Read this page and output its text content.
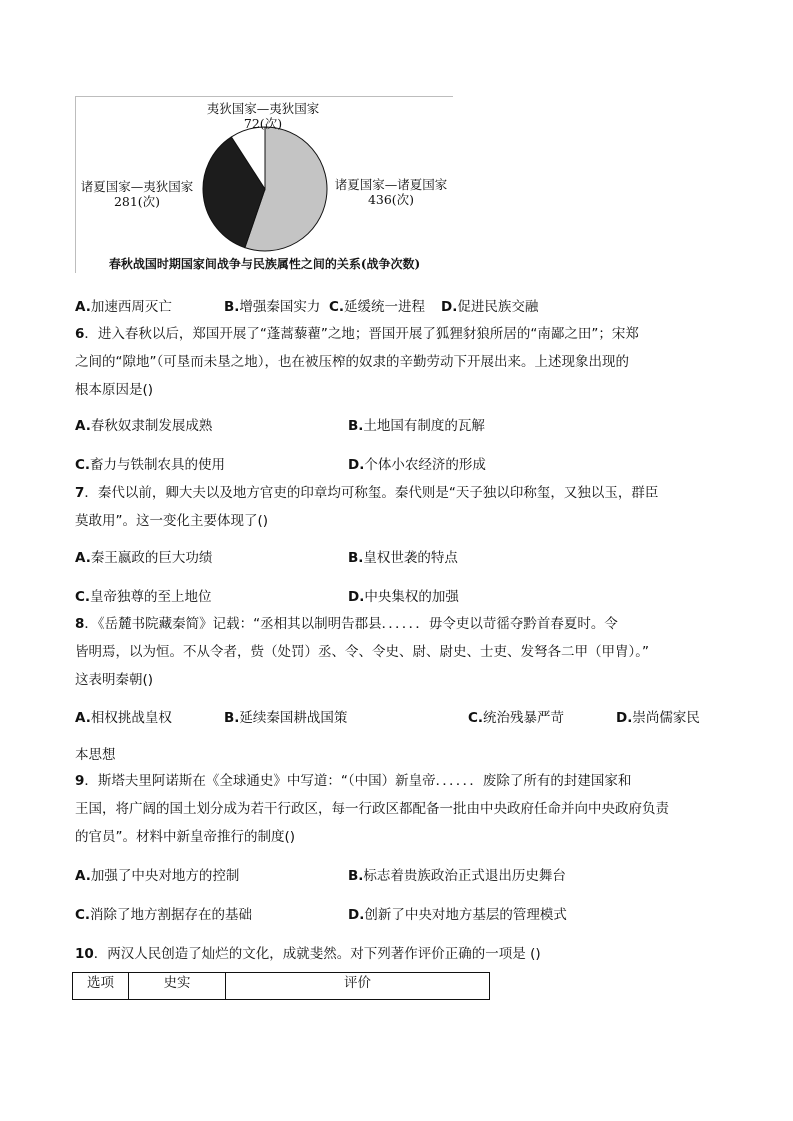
夷狄国家—夷狄国家
72(次)
诸夏国家—夷狄国家
281(次)
诸夏国家—诸夏国家
436(次)
春秋战国时期国家间战争与民族属性之间的关系(战争次数)
A.加速西周灭亡	B.增强秦国实力 C.延缓统一进程 D.促进民族交融
6．进入春秋以后，郑国开展了“蓬蒿藜藋”之地；晋国开展了狐狸豺狼所居的“南鄙之田”；宋郑
之间的“隙地”（可垦而未垦之地），也在被压榨的奴隶的辛勤劳动下开展出来。上述现象出现的
根本原因是()
A.春秋奴隶制发展成熟	B.土地国有制度的瓦解
C.畜力与铁制农具的使用	D.个体小农经济的形成
7．秦代以前，卿大夫以及地方官吏的印章均可称玺。秦代则是“天子独以印称玺，又独以玉，群臣
莫敢用”。这一变化主要体现了()
A.秦王嬴政的巨大功绩	B.皇权世袭的特点
C.皇帝独尊的至上地位	D.中央集权的加强
8．《岳麓书院藏秦简》记载：“丞相其以制明告郡县．．．．．．毋令吏以苛徭夺黔首春夏时。令
皆明焉，以为恒。不从令者，赀（处罚）丞、令、令史、尉、尉史、士吏、发弩各二甲（甲胄）。”
这表明秦朝()
A.相权挑战皇权	B.延续秦国耕战国策	C.统治残暴严苛	D.崇尚儒家民
本思想
9．斯塔夫里阿诺斯在《全球通史》中写道：“（中国）新皇帝．．．．．．废除了所有的封建国家和
王国，将广阔的国土划分成为若干行政区，每一行政区都配备一批由中央政府任命并向中央政府负责
的官员”。材料中新皇帝推行的制度()
A.加强了中央对地方的控制	B.标志着贵族政治正式退出历史舞台
C.消除了地方割据存在的基础	D.创新了中央对地方基层的管理模式
10．两汉人民创造了灿烂的文化，成就斐然。对下列著作评价正确的一项是 ()
选项	史实	评价
